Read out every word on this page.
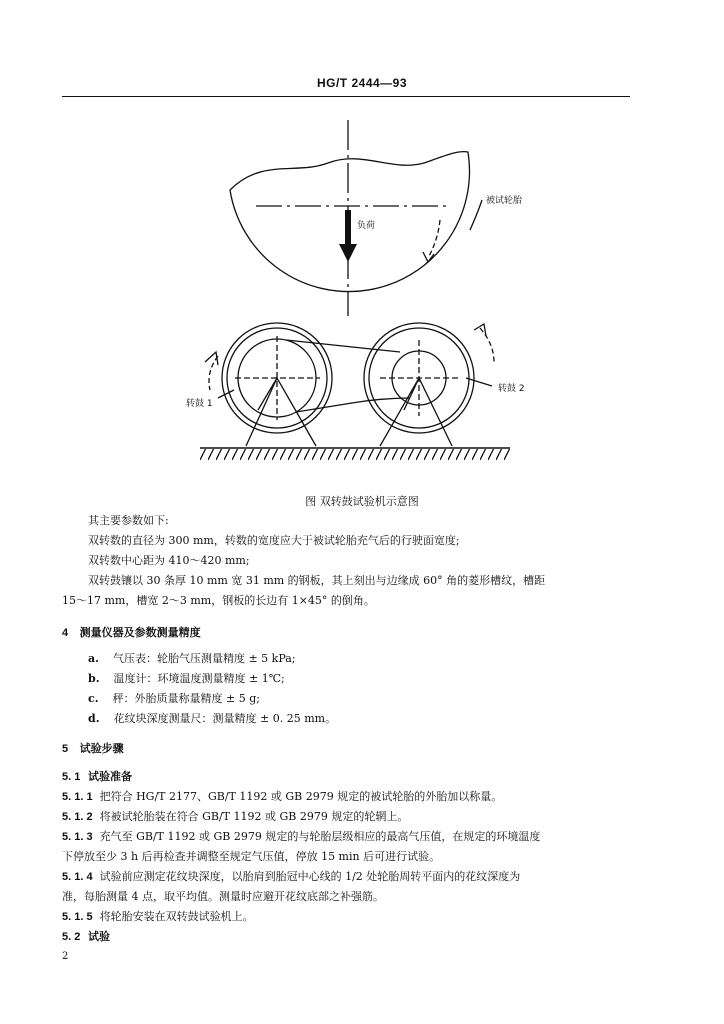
HG/T 2444—93
被试轮胎
负荷
转鼓 1
转鼓 2
图 双转鼓试验机示意图
其主要参数如下:
双转数的直径为 300 mm，转数的宽度应大于被试轮胎充气后的行驶面宽度;
双转数中心距为 410～420 mm;
双转鼓镶以 30 条厚 10 mm 宽 31 mm 的钢板，其上刻出与边缘成 60° 角的菱形槽纹，槽距
15～17 mm，槽宽 2～3 mm，钢板的长边有 1×45° 的倒角。
4 测量仪器及参数测量精度
a. 气压表：轮胎气压测量精度 ± 5 kPa;
b. 温度计：环境温度测量精度 ± 1℃;
c. 秤：外胎质量称量精度 ± 5 g;
d. 花纹块深度测量尺：测量精度 ± 0. 25 mm。
5 试验步骤
5. 1 试验准备
5. 1. 1 把符合 HG/T 2177、GB/T 1192 或 GB 2979 规定的被试轮胎的外胎加以称量。
5. 1. 2 将被试轮胎装在符合 GB/T 1192 或 GB 2979 规定的轮辋上。
5. 1. 3 充气至 GB/T 1192 或 GB 2979 规定的与轮胎层级相应的最高气压值，在规定的环境温度
下停放至少 3 h 后再检查并调整至规定气压值，停放 15 min 后可进行试验。
5. 1. 4 试验前应测定花纹块深度，以胎肩到胎冠中心线的 1/2 处轮胎周转平面内的花纹深度为
准，每胎测量 4 点，取平均值。测量时应避开花纹底部之补强筋。
5. 1. 5 将轮胎安装在双转鼓试验机上。
5. 2 试验
2
